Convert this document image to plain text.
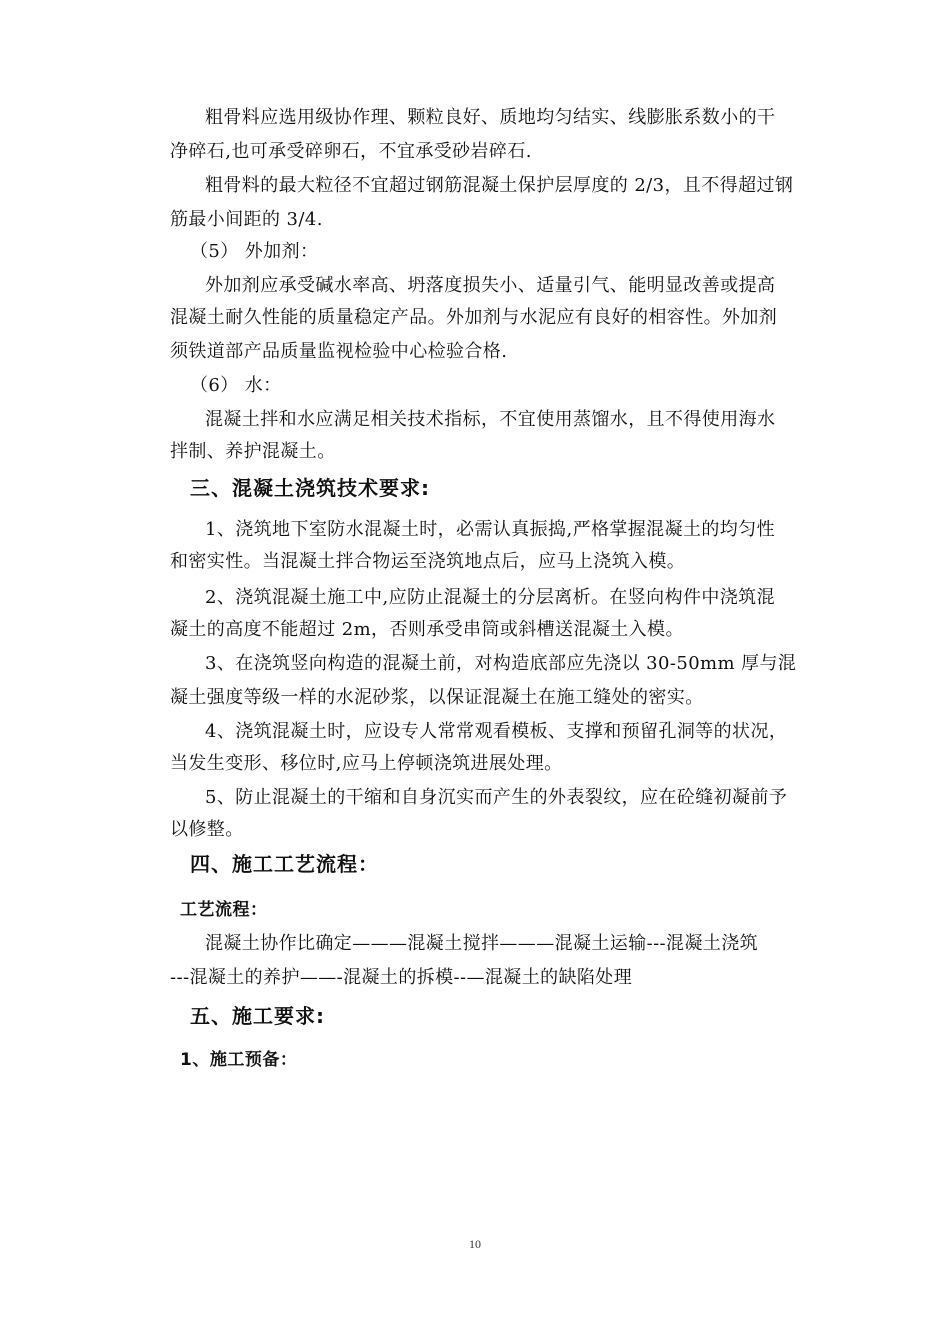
粗骨料应选用级协作理、颗粒良好、质地均匀结实、线膨胀系数小的干
净碎石,也可承受碎卵石，不宜承受砂岩碎石.
粗骨料的最大粒径不宜超过钢筋混凝土保护层厚度的 2/3，且不得超过钢
筋最小间距的 3/4.
（5） 外加剂：
外加剂应承受碱水率高、坍落度损失小、适量引气、能明显改善或提高
混凝土耐久性能的质量稳定产品。外加剂与水泥应有良好的相容性。外加剂
须铁道部产品质量监视检验中心检验合格.
（6） 水：
混凝土拌和水应满足相关技术指标，不宜使用蒸馏水，且不得使用海水
拌制、养护混凝土。
三、混凝土浇筑技术要求:
1、浇筑地下室防水混凝土时，必需认真振捣,严格掌握混凝土的均匀性
和密实性。当混凝土拌合物运至浇筑地点后，应马上浇筑入模。
2、浇筑混凝土施工中,应防止混凝土的分层离析。在竖向构件中浇筑混
凝土的高度不能超过 2m，否则承受串筒或斜槽送混凝土入模。
3、在浇筑竖向构造的混凝土前，对构造底部应先浇以 30-50mm 厚与混
凝土强度等级一样的水泥砂浆，以保证混凝土在施工缝处的密实。
4、浇筑混凝土时，应设专人常常观看模板、支撑和预留孔洞等的状况，
当发生变形、移位时,应马上停顿浇筑进展处理。
5、防止混凝土的干缩和自身沉实而产生的外表裂纹，应在砼缝初凝前予
以修整。
四、施工工艺流程：
工艺流程：
混凝土协作比确定———混凝土搅拌———混凝土运输---混凝土浇筑
---混凝土的养护——-混凝土的拆模--—混凝土的缺陷处理
五、施工要求:
1、施工预备：
10
